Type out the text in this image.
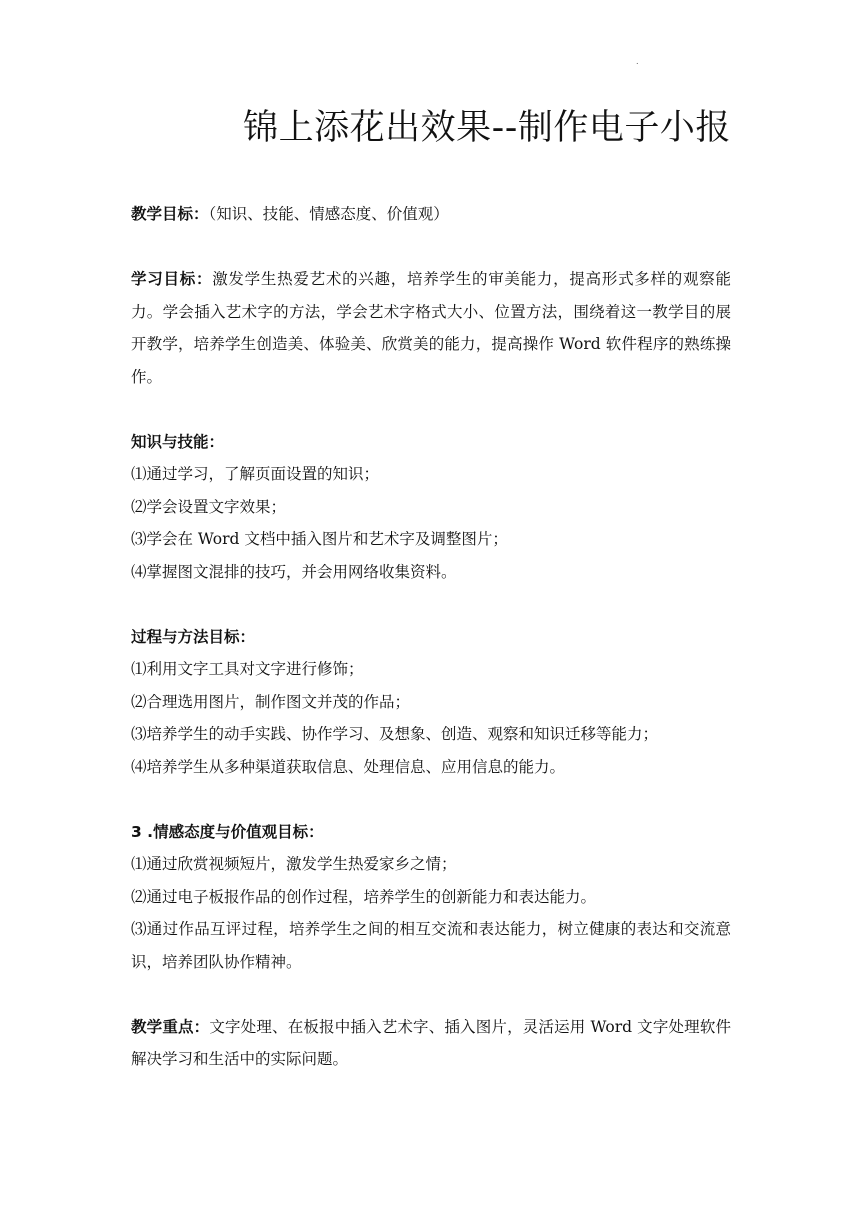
.
锦上添花出效果--制作电子小报

教学目标：（知识、技能、情感态度、价值观）

学习目标：激发学生热爱艺术的兴趣，培养学生的审美能力，提高形式多样的观察能力。学会插入艺术字的方法，学会艺术字格式大小、位置方法，围绕着这一教学目的展开教学，培养学生创造美、体验美、欣赏美的能力，提高操作 Word 软件程序的熟练操作。

知识与技能：

⑴通过学习，了解页面设置的知识；

⑵学会设置文字效果；

⑶学会在 Word 文档中插入图片和艺术字及调整图片；

⑷掌握图文混排的技巧，并会用网络收集资料。

过程与方法目标：

⑴利用文字工具对文字进行修饰；

⑵合理选用图片，制作图文并茂的作品；

⑶培养学生的动手实践、协作学习、及想象、创造、观察和知识迁移等能力；

⑷培养学生从多种渠道获取信息、处理信息、应用信息的能力。

3 .情感态度与价值观目标：

⑴通过欣赏视频短片，激发学生热爱家乡之情；

⑵通过电子板报作品的创作过程，培养学生的创新能力和表达能力。

⑶通过作品互评过程，培养学生之间的相互交流和表达能力，树立健康的表达和交流意识，培养团队协作精神。

教学重点：文字处理、在板报中插入艺术字、插入图片，灵活运用 Word 文字处理软件解决学习和生活中的实际问题。
